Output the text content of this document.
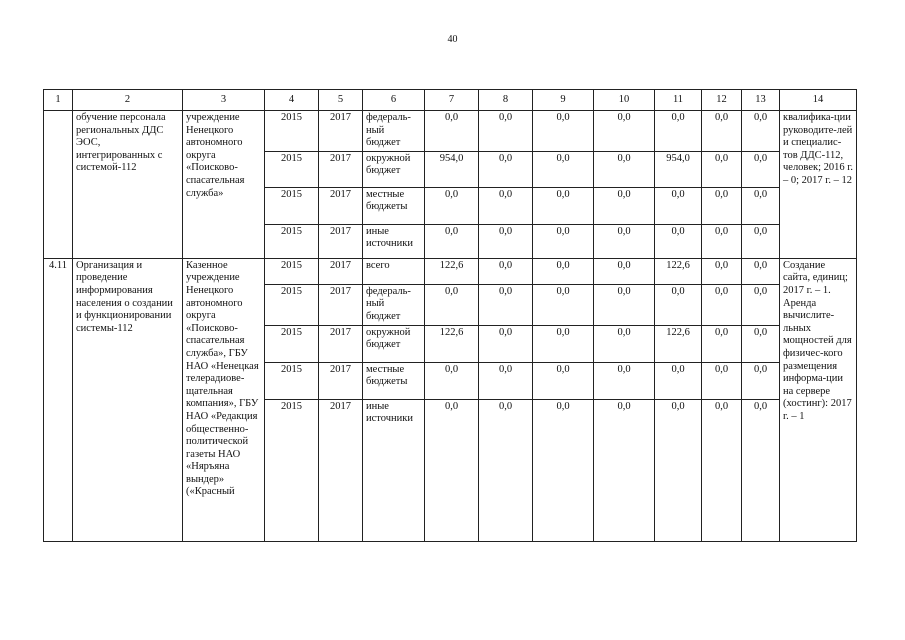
40
1	2	3	4	5	6	7	8	9	10	11	12	13	14
	обучение персонала региональных ДДС ЭОС, интегрированных с системой-112	учреждение Ненецкого автономного округа «Поисково-спасательная служба»	2015	2017	федераль-ный бюджет	0,0	0,0	0,0	0,0	0,0	0,0	0,0	квалифика-ции руководите-лей и специалис-тов ДДС-112, человек; 2016 г. – 0; 2017 г. – 12
			2015	2017	окружной бюджет	954,0	0,0	0,0	0,0	954,0	0,0	0,0	
			2015	2017	местные бюджеты	0,0	0,0	0,0	0,0	0,0	0,0	0,0	
			2015	2017	иные источники	0,0	0,0	0,0	0,0	0,0	0,0	0,0	
4.11	Организация и проведение информирования населения о создании и функционировании системы-112	Казенное учреждение Ненецкого автономного округа «Поисково-спасательная служба», ГБУ НАО «Ненецкая телерадиове-щательная компания», ГБУ НАО «Редакция общественно-политической газеты НАО «Няръяна вындер» («Красный	2015	2017	всего	122,6	0,0	0,0	0,0	122,6	0,0	0,0	Создание сайта, единиц; 2017 г. – 1. Аренда вычислите-льных мощностей для физичес-кого размещения информа-ции на сервере (хостинг): 2017 г. – 1
			2015	2017	федераль-ный бюджет	0,0	0,0	0,0	0,0	0,0	0,0	0,0	
			2015	2017	окружной бюджет	122,6	0,0	0,0	0,0	122,6	0,0	0,0	
			2015	2017	местные бюджеты	0,0	0,0	0,0	0,0	0,0	0,0	0,0	
			2015	2017	иные источники	0,0	0,0	0,0	0,0	0,0	0,0	0,0	
